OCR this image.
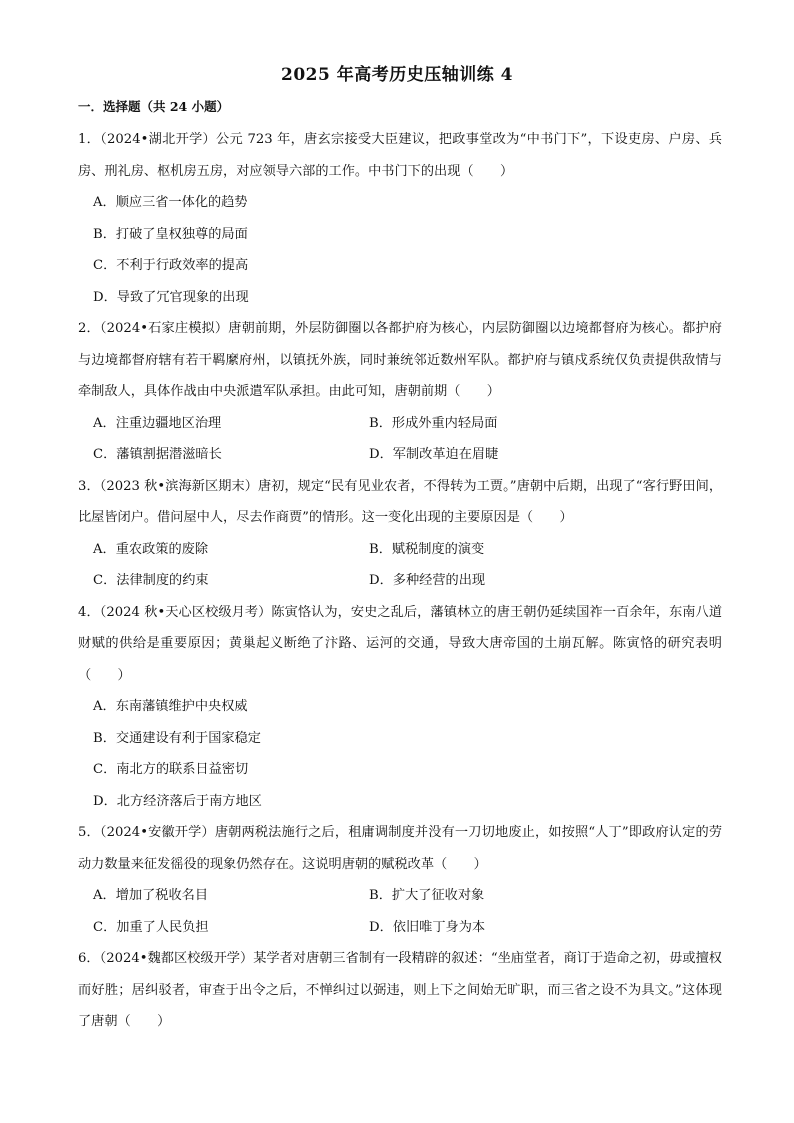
2025 年高考历史压轴训练 4
一．选择题（共 24 小题）
1．（2024•湖北开学）公元 723 年，唐玄宗接受大臣建议，把政事堂改为“中书门下”，下设吏房、户房、兵房、刑礼房、枢机房五房，对应领导六部的工作。中书门下的出现（　　）
A．顺应三省一体化的趋势
B．打破了皇权独尊的局面
C．不利于行政效率的提高
D．导致了冗官现象的出现
2．（2024•石家庄模拟）唐朝前期，外层防御圈以各都护府为核心，内层防御圈以边境都督府为核心。都护府与边境都督府辖有若干羁縻府州，以镇抚外族，同时兼统邻近数州军队。都护府与镇戍系统仅负责提供敌情与牵制敌人，具体作战由中央派遣军队承担。由此可知，唐朝前期（　　）
A．注重边疆地区治理	B．形成外重内轻局面
C．藩镇割据潜滋暗长	D．军制改革迫在眉睫
3．（2023 秋•滨海新区期末）唐初，规定“民有见业农者，不得转为工贾。”唐朝中后期，出现了“客行野田间，比屋皆闭户。借问屋中人，尽去作商贾”的情形。这一变化出现的主要原因是（　　）
A．重农政策的废除	B．赋税制度的演变
C．法律制度的约束	D．多种经营的出现
4．（2024 秋•天心区校级月考）陈寅恪认为，安史之乱后，藩镇林立的唐王朝仍延续国祚一百余年，东南八道财赋的供给是重要原因；黄巢起义断绝了汴路、运河的交通，导致大唐帝国的土崩瓦解。陈寅恪的研究表明（　　）
A．东南藩镇维护中央权威
B．交通建设有利于国家稳定
C．南北方的联系日益密切
D．北方经济落后于南方地区
5．（2024•安徽开学）唐朝两税法施行之后，租庸调制度并没有一刀切地废止，如按照“人丁”即政府认定的劳动力数量来征发徭役的现象仍然存在。这说明唐朝的赋税改革（　　）
A．增加了税收名目	B．扩大了征收对象
C．加重了人民负担	D．依旧唯丁身为本
6．（2024•魏都区校级开学）某学者对唐朝三省制有一段精辟的叙述：“坐庙堂者，商订于造命之初，毋或擅权而好胜；居纠驳者，审查于出令之后，不惮纠过以弼违，则上下之间始无旷职，而三省之设不为具文。”这体现了唐朝（　　）
